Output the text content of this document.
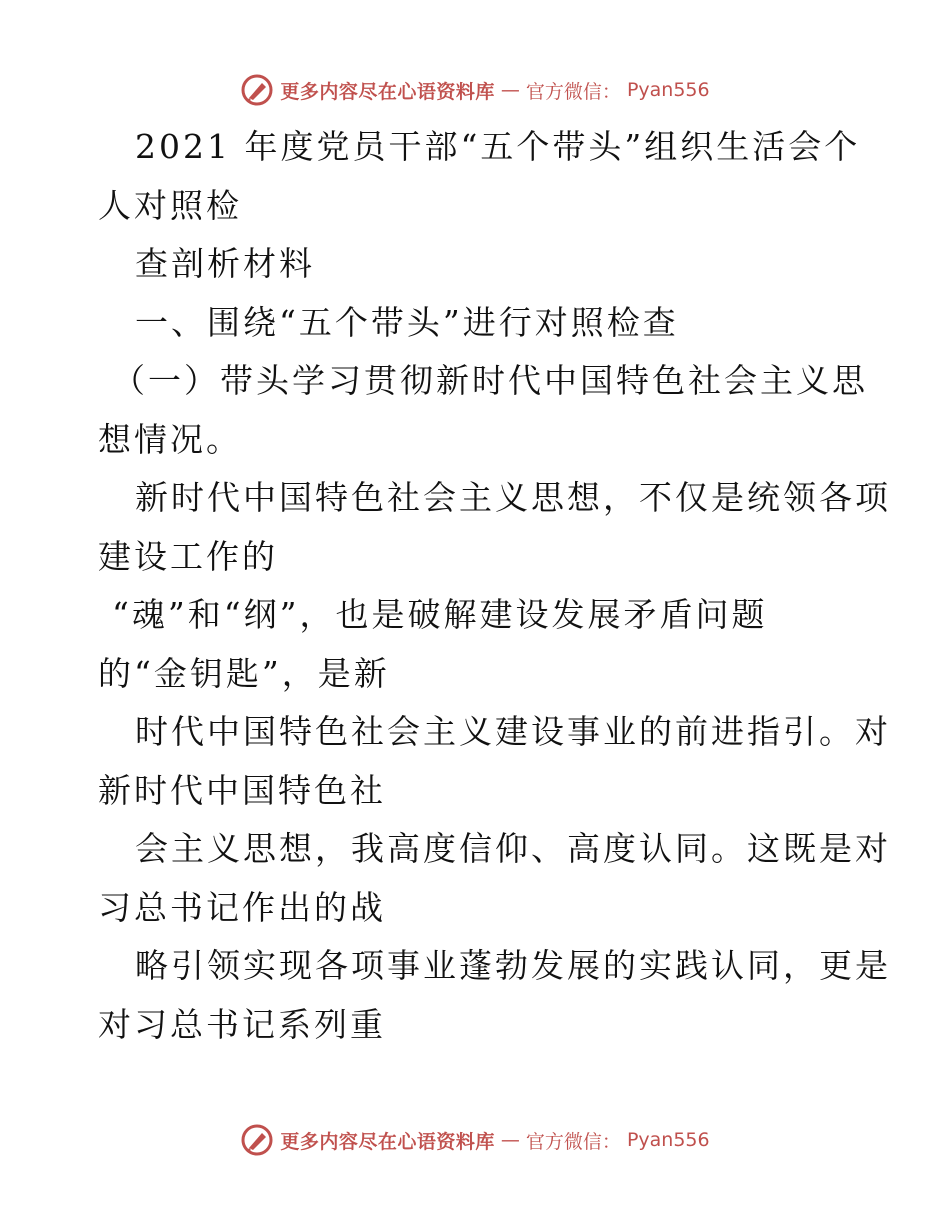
更多内容尽在心语资料库 — 官方微信： Pyan556
2021 年度党员干部“五个带头”组织生活会个
人对照检
查剖析材料
一、围绕“五个带头”进行对照检查
（一）带头学习贯彻新时代中国特色社会主义思
想情况。
新时代中国特色社会主义思想，不仅是统领各项
建设工作的
“魂”和“纲”，也是破解建设发展矛盾问题
的“金钥匙”，是新
时代中国特色社会主义建设事业的前进指引。对
新时代中国特色社
会主义思想，我高度信仰、高度认同。这既是对
习总书记作出的战
略引领实现各项事业蓬勃发展的实践认同，更是
对习总书记系列重
更多内容尽在心语资料库 — 官方微信： Pyan556
